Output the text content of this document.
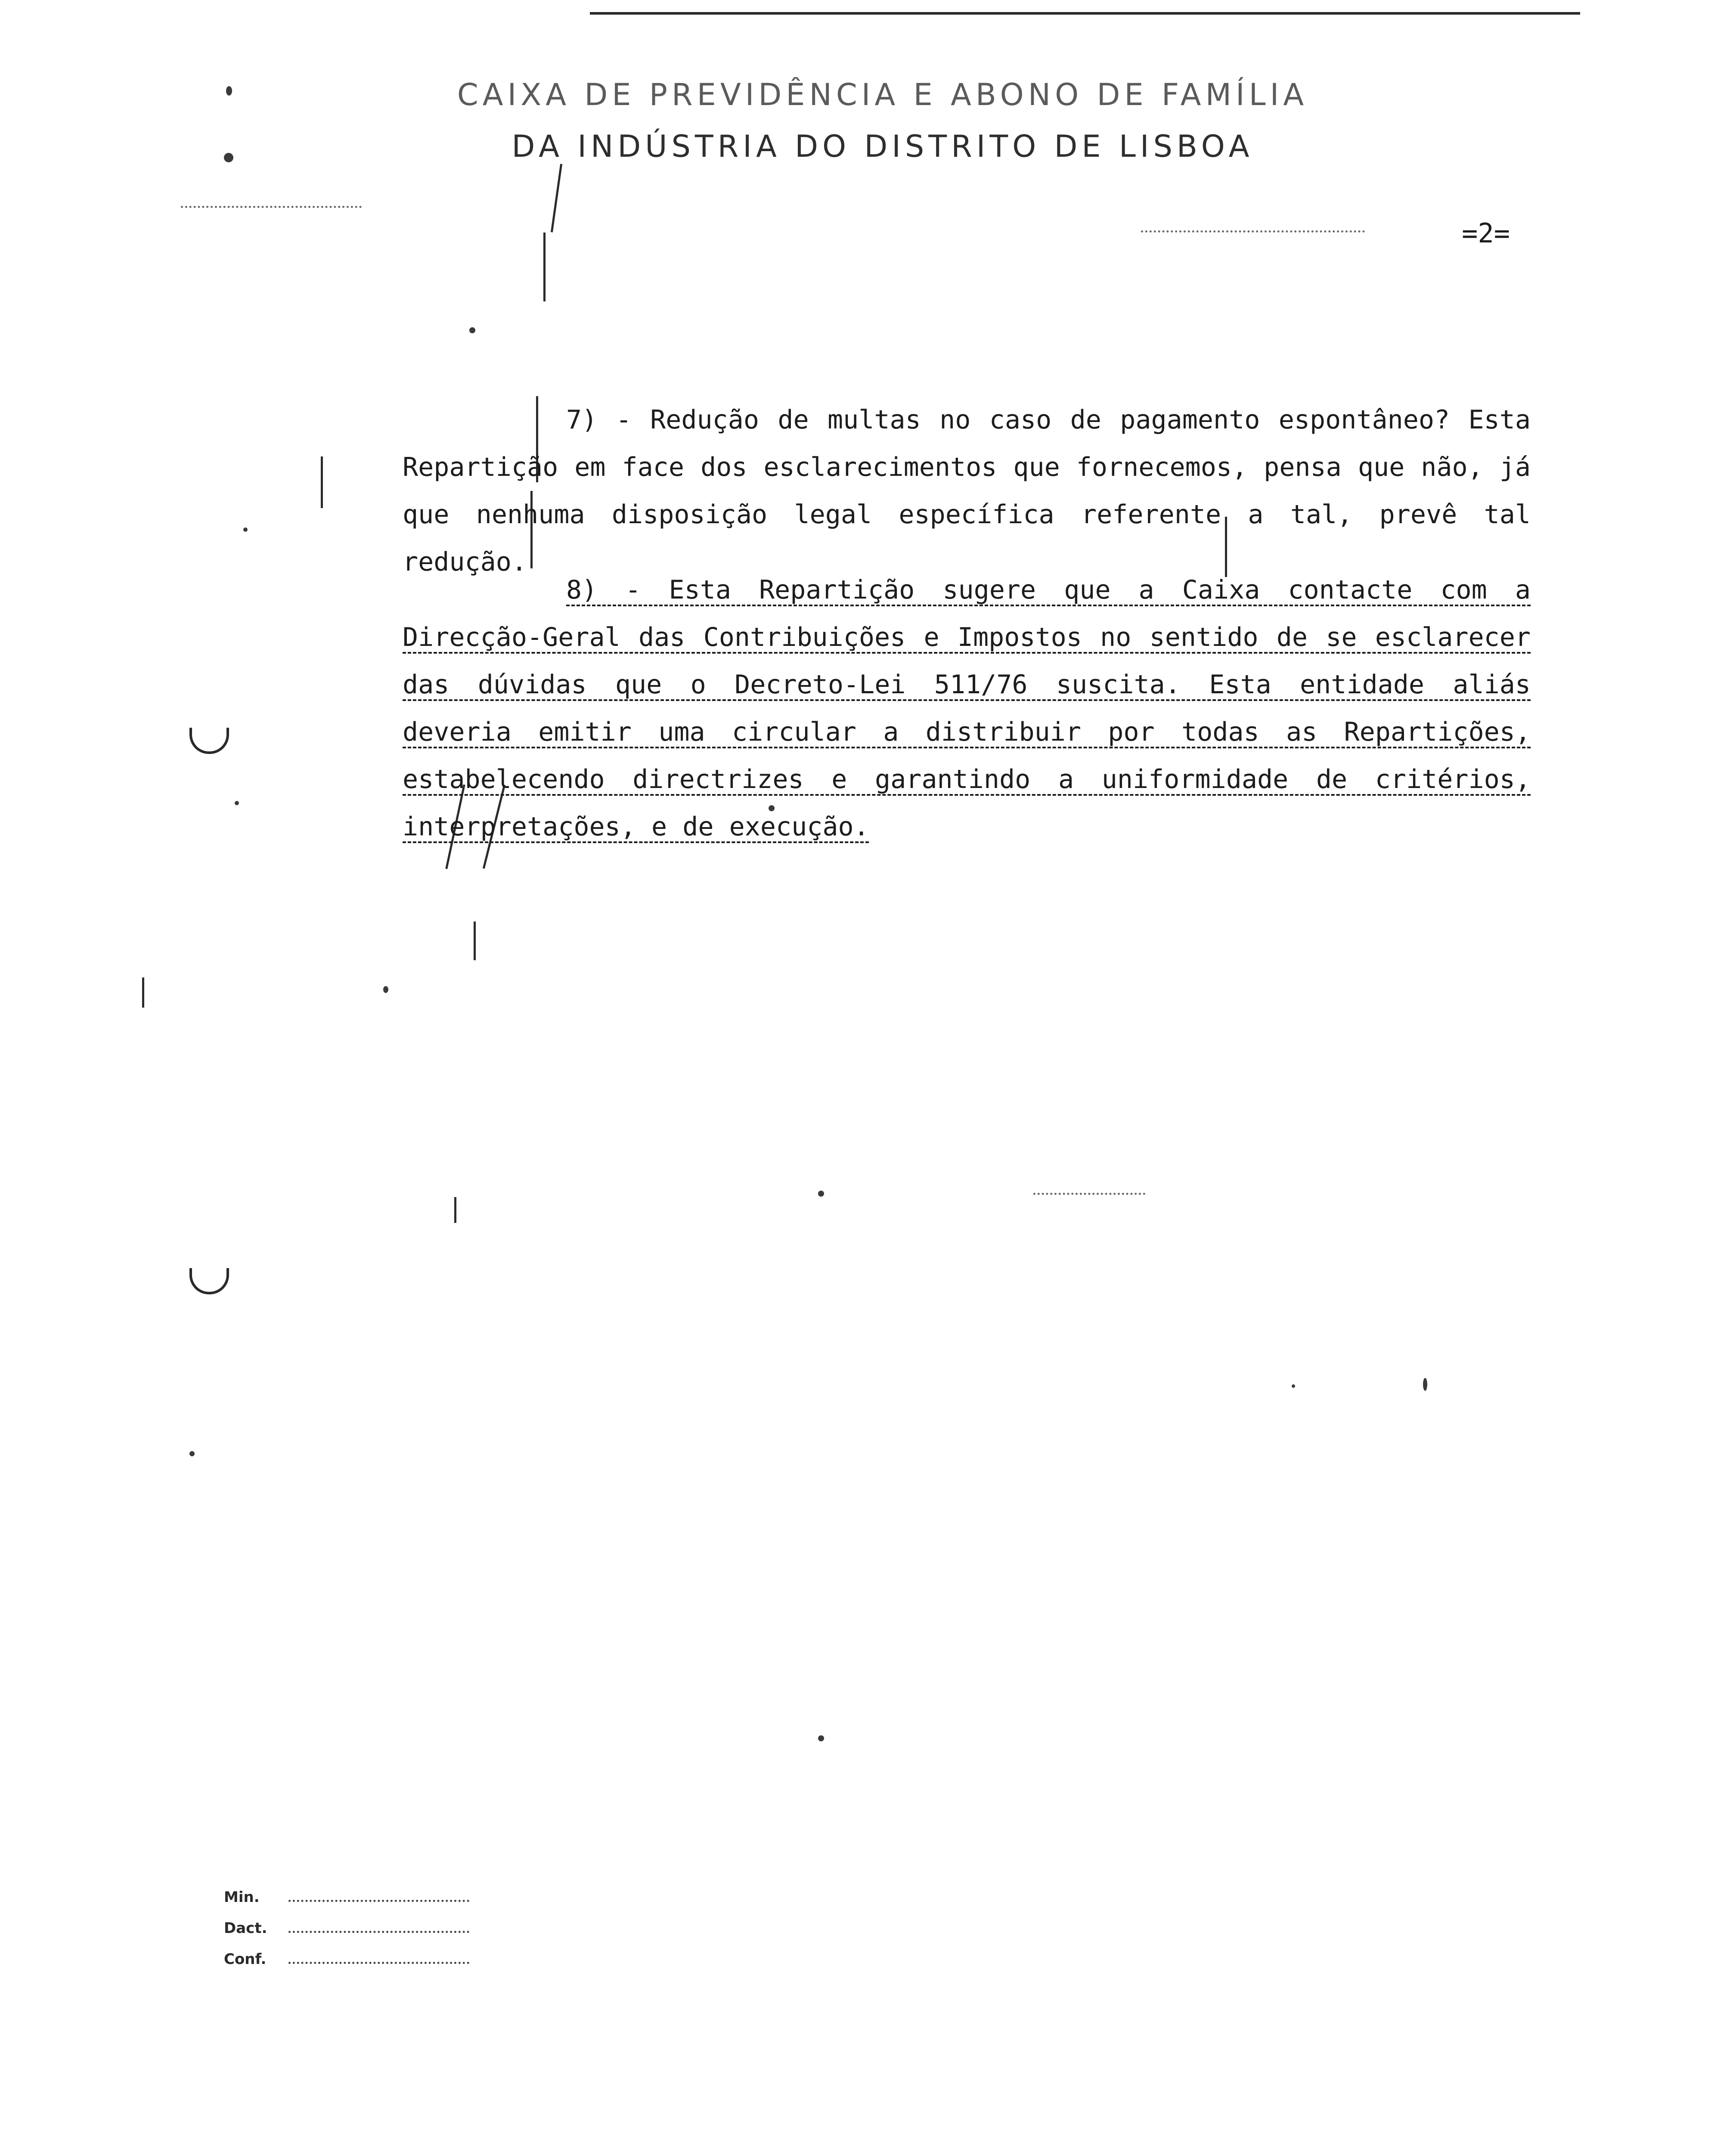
CAIXA DE PREVIDÊNCIA E ABONO DE FAMÍLIA
DA INDÚSTRIA DO DISTRITO DE LISBOA
=2=

7) - Redução de multas no caso de pagamento espontâneo? Esta Repartição em face dos esclarecimentos que fornecemos, pensa que não, já que nenhuma disposição legal específica referente a tal, prevê tal redução.

8) - Esta Repartição sugere que a Caixa contacte com a Direcção-Geral das Contribuições e Impostos no sentido de se esclarecer das dúvidas que o Decreto-Lei 511/76 suscita. Esta entidade aliás deveria emitir uma circular a distribuir por todas as Repartições, estabelecendo directrizes e garantindo a uniformidade de critérios, interpretações, e de execução.

Min.
Dact.
Conf.
